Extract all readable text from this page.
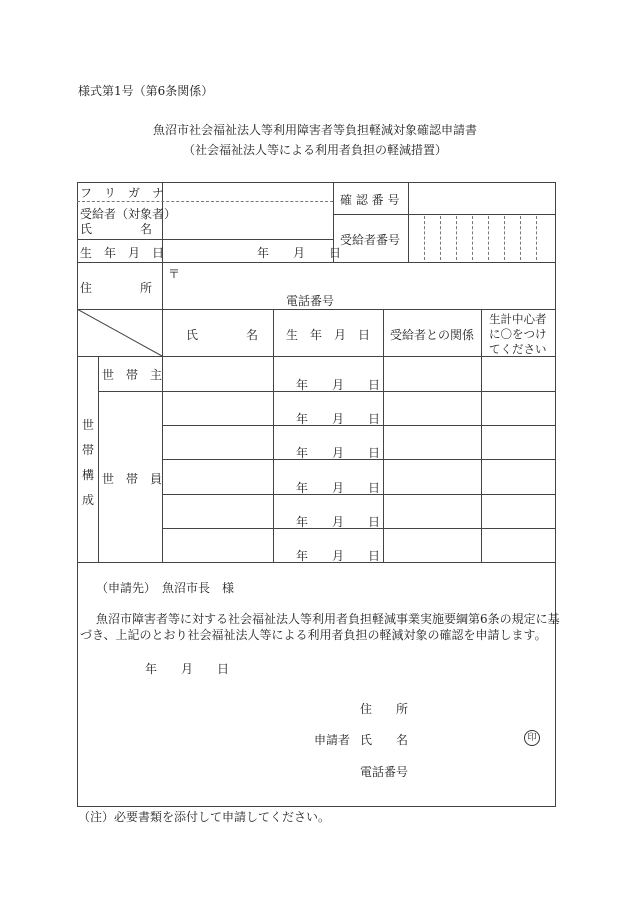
様式第1号（第6条関係）
魚沼市社会福祉法人等利用障害者等負担軽減対象確認申請書
（社会福祉法人等による利用者負担の軽減措置）
フ　リ　ガ　ナ
受給者（対象者）
氏　　　　名
生　年　月　日	年　　月　　日
確 認 番 号
受給者番号
住　　　　所
〒
電話番号
氏　　　　名 生　年　月　日 受給者との関係
生計中心者
に〇をつけ
てください
世
帯
構
成
世　帯　主
世　帯　員
年　　月　　日
年　　月　　日
年　　月　　日
年　　月　　日
年　　月　　日
年　　月　　日
（申請先）　魚沼市長　様
魚沼市障害者等に対する社会福祉法人等利用者負担軽減事業実施要綱第6条の規定に基
づき、上記のとおり社会福祉法人等による利用者負担の軽減対象の確認を申請します。
年　　月　　日
住　　所
申請者 氏　　名	印
電話番号
（注）必要書類を添付して申請してください。
